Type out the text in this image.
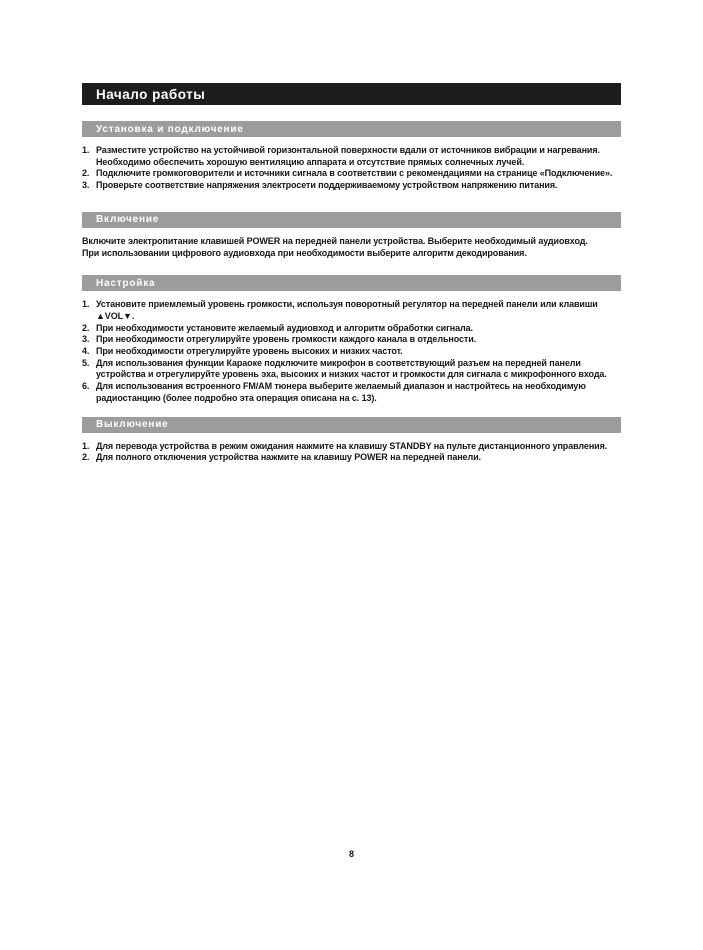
Начало работы
Установка и подключение
1. Разместите устройство на устойчивой горизонтальной поверхности вдали от источников вибрации и нагревания. Необходимо обеспечить хорошую вентиляцию аппарата и отсутствие прямых солнечных лучей.
2. Подключите громкоговорители и источники сигнала в соответствии с рекомендациями на странице «Подключение».
3. Проверьте соответствие напряжения электросети поддерживаемому устройством напряжению питания.
Включение
Включите электропитание клавишей POWER на передней панели устройства. Выберите необходимый аудиовход.
При использовании цифрового аудиовхода при необходимости выберите алгоритм декодирования.
Настройка
1. Установите приемлемый уровень громкости, используя поворотный регулятор на передней панели или клавиши ▲VOL▼.
2. При необходимости установите желаемый аудиовход и алгоритм обработки сигнала.
3. При необходимости отрегулируйте уровень громкости каждого канала в отдельности.
4. При необходимости отрегулируйте уровень высоких и низких частот.
5. Для использования функции Караоке подключите микрофон в соответствующий разъем на передней панели устройства и отрегулируйте уровень эха, высоких и низких частот и громкости для сигнала с микрофонного входа.
6. Для использования встроенного FM/AM тюнера выберите желаемый диапазон и настройтесь на необходимую радиостанцию (более подробно эта операция описана на с. 13).
Выключение
1. Для перевода устройства в режим ожидания нажмите на клавишу STANDBY на пульте дистанционного управления.
2. Для полного отключения устройства нажмите на клавишу POWER на передней панели.
8
